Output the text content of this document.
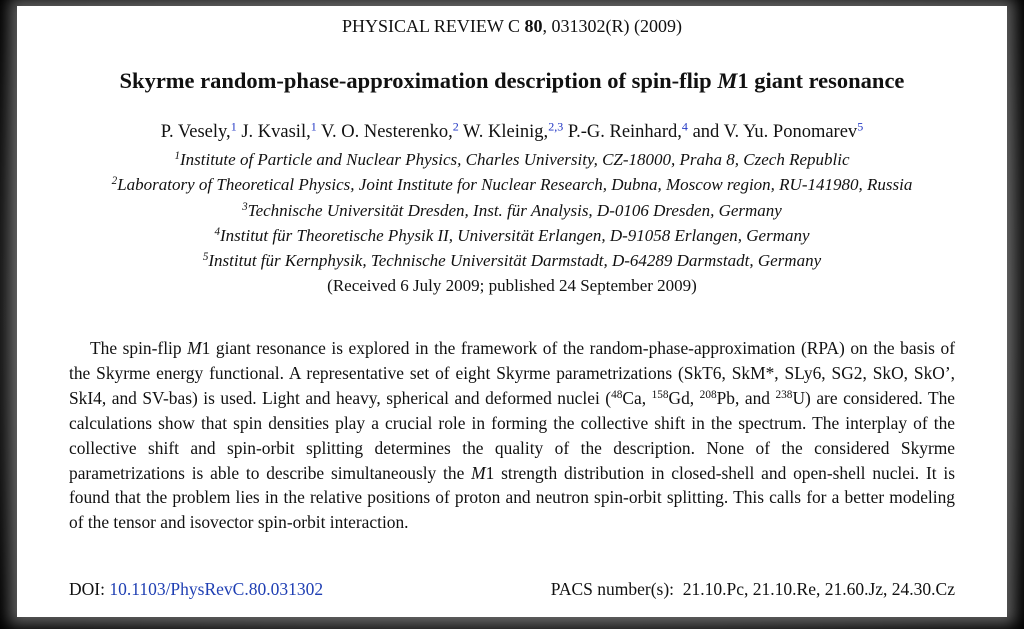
PHYSICAL REVIEW C 80, 031302(R) (2009)
Skyrme random-phase-approximation description of spin-flip M1 giant resonance
P. Vesely,$^1$ J. Kvasil,$^1$ V. O. Nesterenko,$^2$ W. Kleinig,$^{2,3}$ P.-G. Reinhard,$^4$ and V. Yu. Ponomarev$^5$
$^1$Institute of Particle and Nuclear Physics, Charles University, CZ-18000, Praha 8, Czech Republic
$^2$Laboratory of Theoretical Physics, Joint Institute for Nuclear Research, Dubna, Moscow region, RU-141980, Russia
$^3$Technische Universität Dresden, Inst. für Analysis, D-0106 Dresden, Germany
$^4$Institut für Theoretische Physik II, Universität Erlangen, D-91058 Erlangen, Germany
$^5$Institut für Kernphysik, Technische Universität Darmstadt, D-64289 Darmstadt, Germany
(Received 6 July 2009; published 24 September 2009)
The spin-flip M1 giant resonance is explored in the framework of the random-phase-approximation (RPA) on the basis of the Skyrme energy functional. A representative set of eight Skyrme parametrizations (SkT6, SkM*, SLy6, SG2, SkO, SkO’, SkI4, and SV-bas) is used. Light and heavy, spherical and deformed nuclei ($^{48}$Ca, $^{158}$Gd, $^{208}$Pb, and $^{238}$U) are considered. The calculations show that spin densities play a crucial role in forming the collective shift in the spectrum. The interplay of the collective shift and spin-orbit splitting determines the quality of the description. None of the considered Skyrme parametrizations is able to describe simultaneously the M1 strength distribution in closed-shell and open-shell nuclei. It is found that the problem lies in the relative positions of proton and neutron spin-orbit splitting. This calls for a better modeling of the tensor and isovector spin-orbit interaction.
DOI: 10.1103/PhysRevC.80.031302	PACS number(s): 21.10.Pc, 21.10.Re, 21.60.Jz, 24.30.Cz
